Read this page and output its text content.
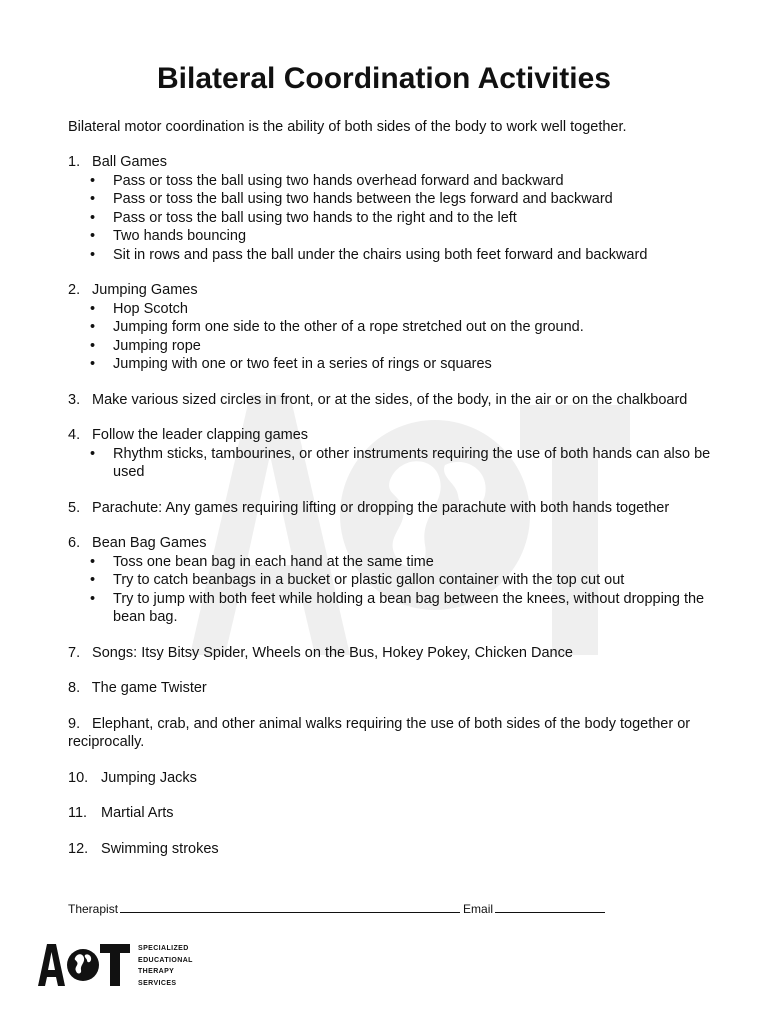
Bilateral Coordination Activities

Bilateral motor coordination is the ability of both sides of the body to work well together.

1. Ball Games
• Pass or toss the ball using two hands overhead forward and backward
• Pass or toss the ball using two hands between the legs forward and backward
• Pass or toss the ball using two hands to the right and to the left
• Two hands bouncing
• Sit in rows and pass the ball under the chairs using both feet forward and backward
2. Jumping Games
• Hop Scotch
• Jumping form one side to the other of a rope stretched out on the ground.
• Jumping rope
• Jumping with one or two feet in a series of rings or squares
3. Make various sized circles in front, or at the sides, of the body, in the air or on the chalkboard
4. Follow the leader clapping games
• Rhythm sticks, tambourines, or other instruments requiring the use of both hands can also be used
5. Parachute: Any games requiring lifting or dropping the parachute with both hands together
6. Bean Bag Games
• Toss one bean bag in each hand at the same time
• Try to catch beanbags in a bucket or plastic gallon container with the top cut out
• Try to jump with both feet while holding a bean bag between the knees, without dropping the bean bag.
7. Songs: Itsy Bitsy Spider, Wheels on the Bus, Hokey Pokey, Chicken Dance
8. The game Twister
9. Elephant, crab, and other animal walks requiring the use of both sides of the body together or reciprocally.
10. Jumping Jacks
11. Martial Arts
12. Swimming strokes
Therapist	Email
SPECIALIZED
EDUCATIONAL
THERAPY
SERVICES
